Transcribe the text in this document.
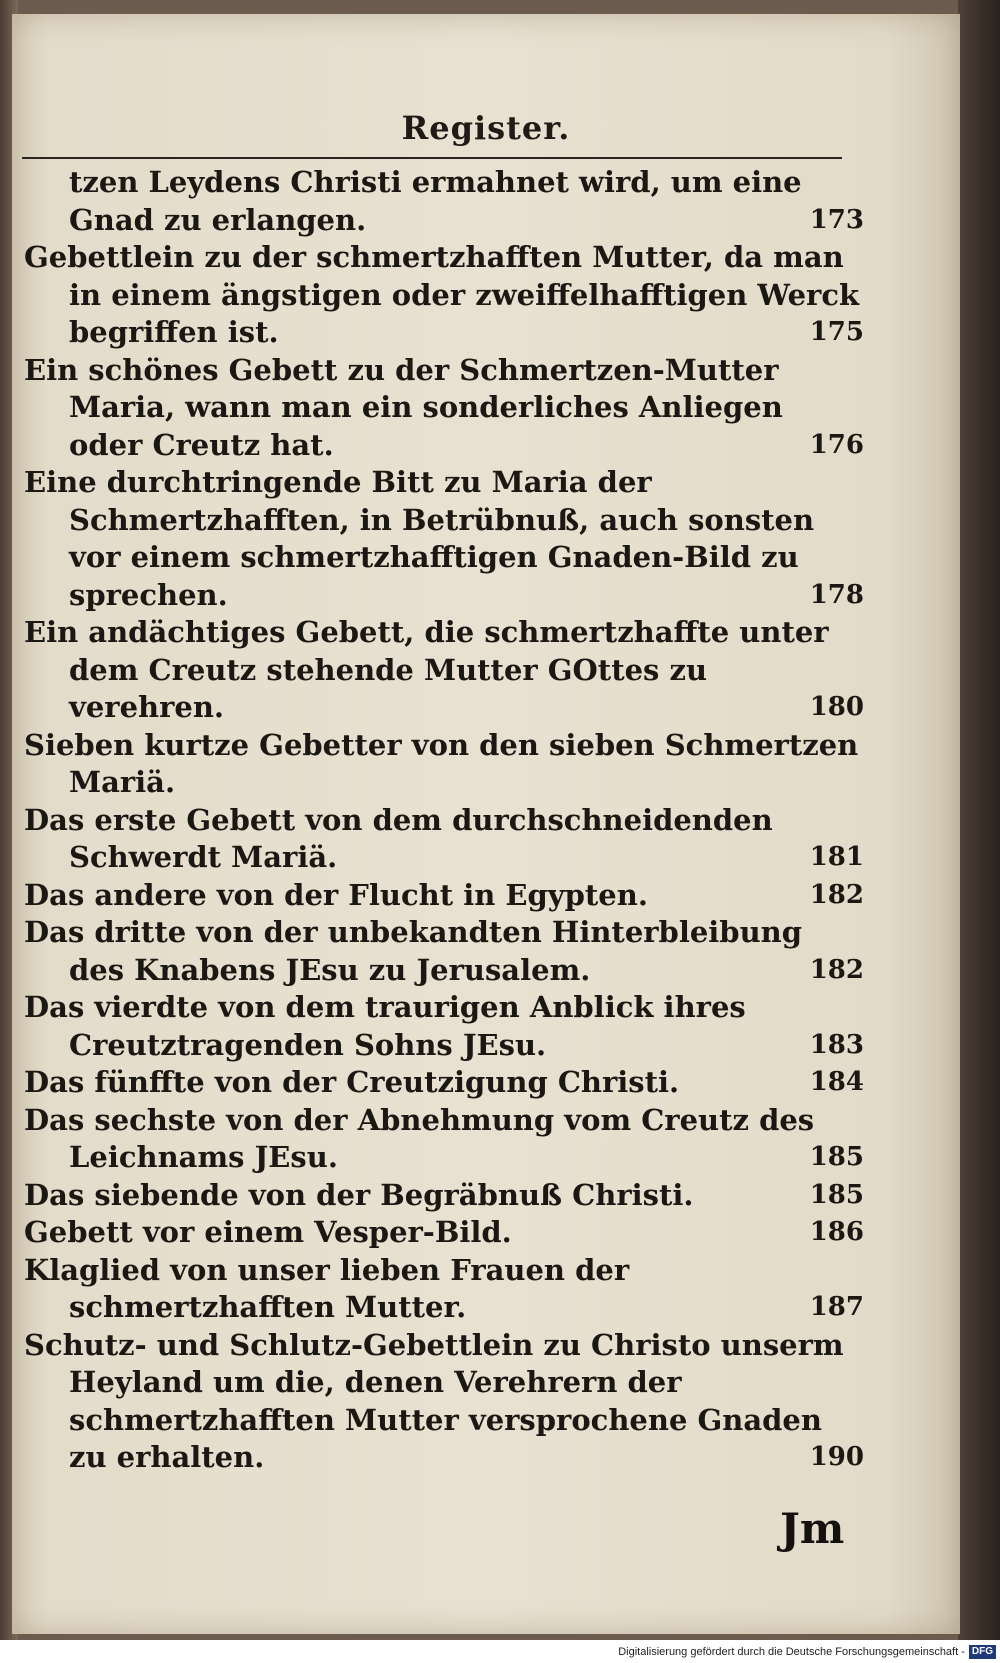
Register.

tzen Leydens Christi ermahnet wird, um eine Gnad zu erlangen.	173

Gebettlein zu der schmertzhafften Mutter, da man in einem ängstigen oder zweiffelhafftigen Werck begriffen ist.	175

Ein schönes Gebett zu der Schmertzen-Mutter Maria, wann man ein sonderliches Anliegen oder Creutz hat.	176

Eine durchtringende Bitt zu Maria der Schmertzhafften, in Betrübnuß, auch sonsten vor einem schmertzhafftigen Gnaden-Bild zu sprechen.	178

Ein andächtiges Gebett, die schmertzhaffte unter dem Creutz stehende Mutter GOttes zu verehren.	180

Sieben kurtze Gebetter von den sieben Schmertzen Mariä.

Das erste Gebett von dem durchschneidenden Schwerdt Mariä.	181

Das andere von der Flucht in Egypten.	182

Das dritte von der unbekandten Hinterbleibung des Knabens JEsu zu Jerusalem.	182

Das vierdte von dem traurigen Anblick ihres Creutztragenden Sohns JEsu.	183

Das fünffte von der Creutzigung Christi.	184

Das sechste von der Abnehmung vom Creutz des Leichnams JEsu.	185

Das siebende von der Begräbnuß Christi.	185

Gebett vor einem Vesper-Bild.	186

Klaglied von unser lieben Frauen der schmertzhafften Mutter.	187

Schutz- und Schlutz-Gebettlein zu Christo unserm Heyland um die, denen Verehrern der schmertzhafften Mutter versprochene Gnaden zu erhalten.	190

Jm
Digitalisierung gefördert durch die Deutsche Forschungsgemeinschaft - DFG
